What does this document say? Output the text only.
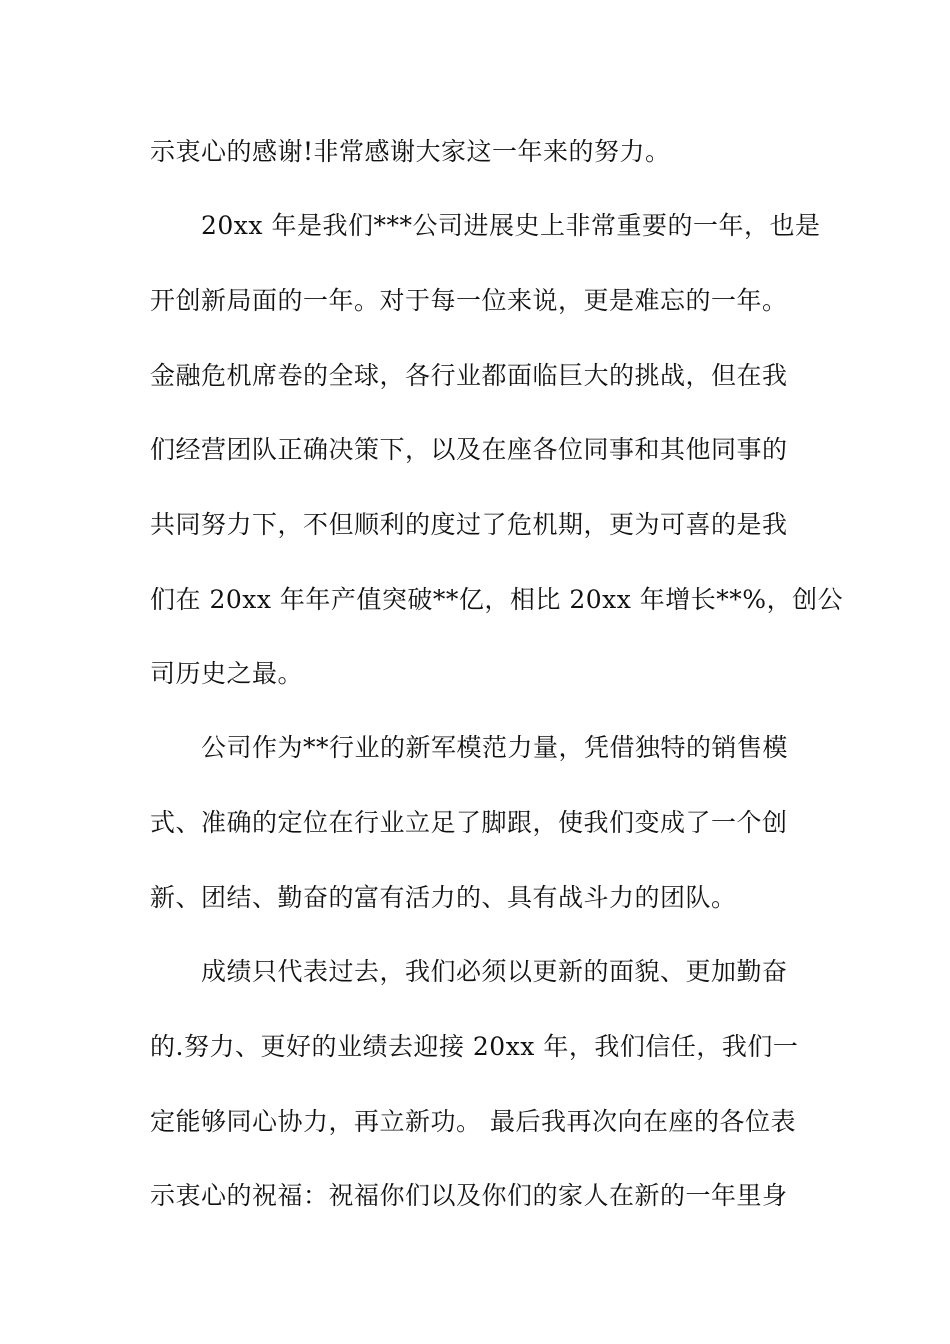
示衷心的感谢!非常感谢大家这一年来的努力。
20xx 年是我们***公司进展史上非常重要的一年，也是
开创新局面的一年。对于每一位来说，更是难忘的一年。
金融危机席卷的全球，各行业都面临巨大的挑战，但在我
们经营团队正确决策下，以及在座各位同事和其他同事的
共同努力下，不但顺利的度过了危机期，更为可喜的是我
们在 20xx 年年产值突破**亿，相比 20xx 年增长**%，创公
司历史之最。
公司作为**行业的新军模范力量，凭借独特的销售模
式、准确的定位在行业立足了脚跟，使我们变成了一个创
新、团结、勤奋的富有活力的、具有战斗力的团队。
成绩只代表过去，我们必须以更新的面貌、更加勤奋
的.努力、更好的业绩去迎接 20xx 年，我们信任，我们一
定能够同心协力，再立新功。 最后我再次向在座的各位表
示衷心的祝福：祝福你们以及你们的家人在新的一年里身
